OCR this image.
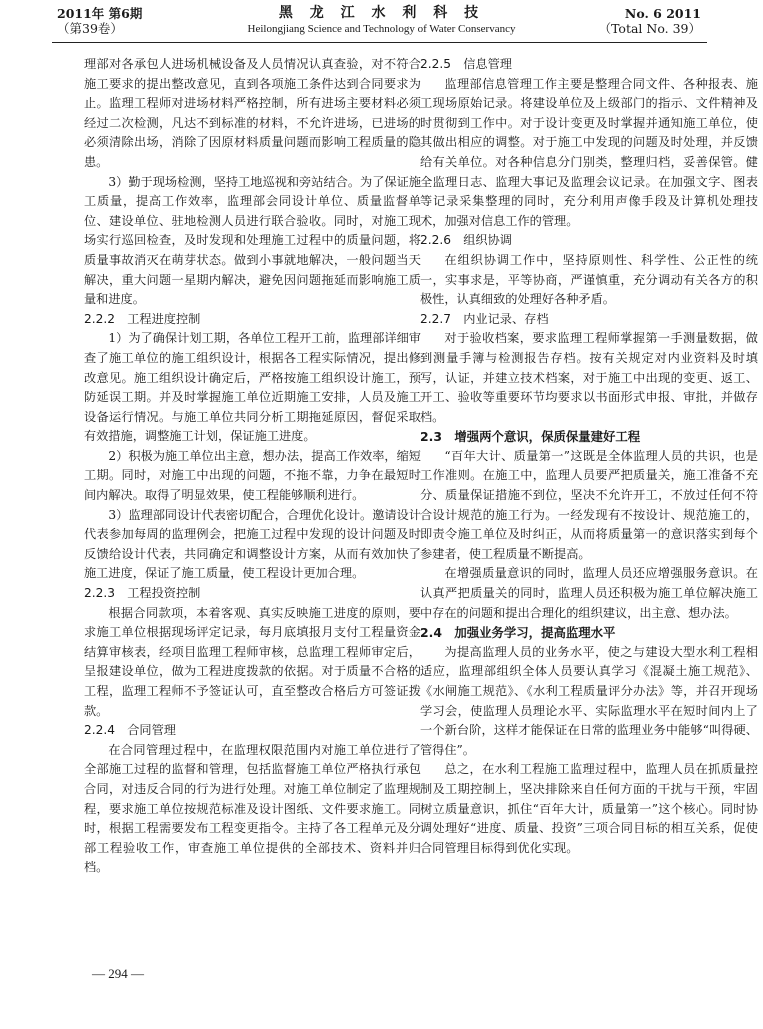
2011年 第6期
（第39卷）
黑 龙 江 水 利 科 技
Heilongjiang Science and Technology of Water Conservancy
No. 6 2011
（Total No. 39）

理部对各承包人进场机械设备及人员情况认真查验，对不符合施工要求的提出整改意见，直到各项施工条件达到合同要求为止。监理工程师对进场材料严格控制，所有进场主要材料必须经过二次检测，凡达不到标准的材料，不允许进场，已进场的必须清除出场，消除了因原材料质量问题而影响工程质量的隐患。

3）勤于现场检测，坚持工地巡视和旁站结合。为了保证施工质量，提高工作效率，监理部会同设计单位、质量监督单位、建设单位、驻地检测人员进行联合验收。同时，对施工现场实行巡回检查，及时发现和处理施工过程中的质量问题，将质量事故消灭在萌芽状态。做到小事就地解决，一般问题当天解决，重大问题一星期内解决，避免因问题拖延而影响施工质量和进度。

2.2.2　工程进度控制

1）为了确保计划工期，各单位工程开工前，监理部详细审查了施工单位的施工组织设计，根据各工程实际情况，提出修改意见。施工组织设计确定后，严格按施工组织设计施工，预防延误工期。并及时掌握施工单位近期施工安排，人员及施工设备运行情况。与施工单位共同分析工期拖延原因，督促采取有效措施，调整施工计划，保证施工进度。

2）积极为施工单位出主意，想办法，提高工作效率，缩短工期。同时，对施工中出现的问题，不拖不靠，力争在最短时间内解决。取得了明显效果，使工程能够顺利进行。

3）监理部同设计代表密切配合，合理优化设计。邀请设计代表参加每周的监理例会，把施工过程中发现的设计问题及时反馈给设计代表，共同确定和调整设计方案，从而有效加快了施工进度，保证了施工质量，使工程设计更加合理。

2.2.3　工程投资控制

根据合同款项，本着客观、真实反映施工进度的原则，要求施工单位根据现场评定记录，每月底填报月支付工程量资金结算审核表，经项目监理工程师审核，总监理工程师审定后，呈报建设单位，做为工程进度拨款的依据。对于质量不合格的工程，监理工程师不予签证认可，直至整改合格后方可签证拨款。

2.2.4　合同管理

在合同管理过程中，在监理权限范围内对施工单位进行了全部施工过程的监督和管理，包括监督施工单位严格执行承包合同，对违反合同的行为进行处理。对施工单位制定了监理规程，要求施工单位按规范标准及设计图纸、文件要求施工。同时，根据工程需要发布工程变更指令。主持了各工程单元及分部工程验收工作，审查施工单位提供的全部技术、资料并归档。

2.2.5　信息管理

监理部信息管理工作主要是整理合同文件、各种报表、施工现场原始记录。将建设单位及上级部门的指示、文件精神及时贯彻到工作中。对于设计变更及时掌握并通知施工单位，使其做出相应的调整。对于施工中发现的问题及时处理，并反馈给有关单位。对各种信息分门别类，整理归档，妥善保管。健全监理日志、监理大事记及监理会议记录。在加强文字、图表等记录采集整理的同时，充分利用声像手段及计算机处理技术，加强对信息工作的管理。

2.2.6　组织协调

在组织协调工作中，坚持原则性、科学性、公正性的统一，实事求是，平等协商，严谨慎重，充分调动有关各方的积极性，认真细致的处理好各种矛盾。

2.2.7　内业记录、存档

对于验收档案，要求监理工程师掌握第一手测量数据，做到测量手簿与检测报告存档。按有关规定对内业资料及时填写，认证，并建立技术档案，对于施工中出现的变更、返工、开工、验收等重要环节均要求以书面形式申报、审批，并做存档。

2.3　增强两个意识，保质保量建好工程

“百年大计、质量第一”这既是全体监理人员的共识，也是工作准则。在施工中，监理人员要严把质量关，施工准备不充分、质量保证措施不到位，坚决不允许开工，不放过任何不符合设计规范的施工行为。一经发现有不按设计、规范施工的，即责令施工单位及时纠正，从而将质量第一的意识落实到每个参建者，使工程质量不断提高。

在增强质量意识的同时，监理人员还应增强服务意识。在认真严把质量关的同时，监理人员还积极为施工单位解决施工中存在的问题和提出合理化的组织建议，出主意、想办法。

2.4　加强业务学习，提高监理水平

为提高监理人员的业务水平，使之与建设大型水利工程相适应，监理部组织全体人员要认真学习《混凝土施工规范》、《水闸施工规范》、《水利工程质量评分办法》等，并召开现场学习会，使监理人员理论水平、实际监理水平在短时间内上了一个新台阶，这样才能保证在日常的监理业务中能够“叫得硬、管得住”。

总之，在水利工程施工监理过程中，监理人员在抓质量控制及工期控制上，坚决排除来自任何方面的干扰与干预，牢固树立质量意识，抓住“百年大计，质量第一”这个核心。同时协调处理好“进度、质量、投资”三项合同目标的相互关系，促使合同管理目标得到优化实现。

— 294 —
